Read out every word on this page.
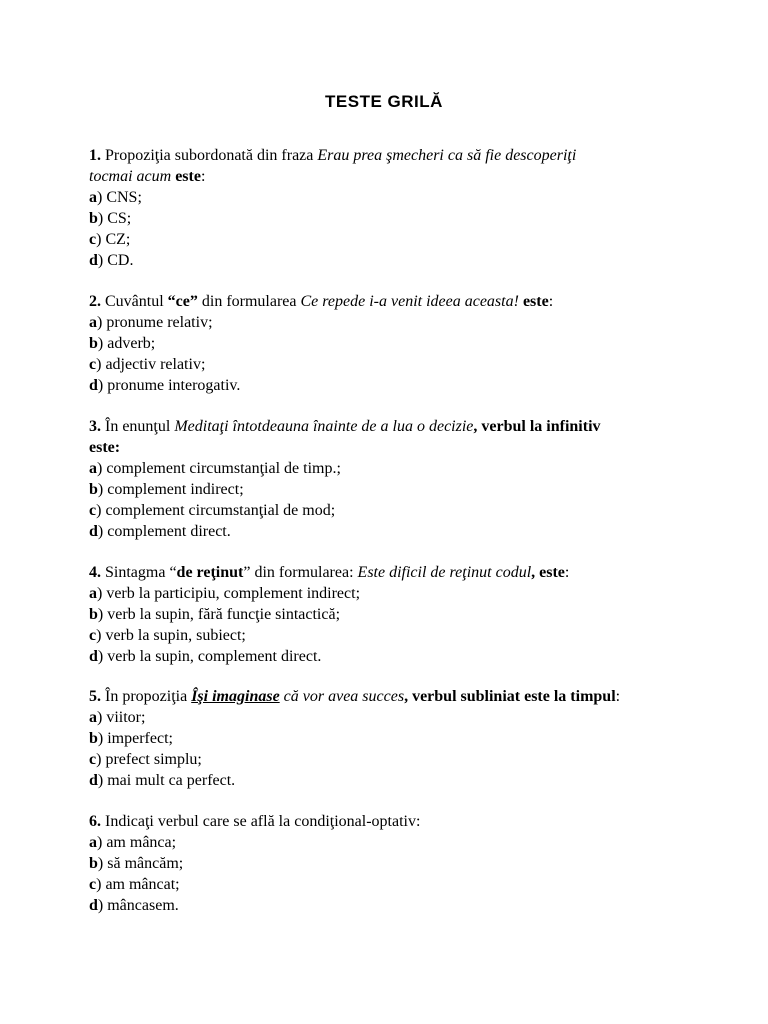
TESTE GRILĂ
1. Propoziţia subordonată din fraza Erau prea şmecheri ca să fie descoperiţi
tocmai acum este:
a) CNS;
b) CS;
c) CZ;
d) CD.
2. Cuvântul “ce” din formularea Ce repede i-a venit ideea aceasta! este:
a) pronume relativ;
b) adverb;
c) adjectiv relativ;
d) pronume interogativ.
3. În enunţul Meditaţi întotdeauna înainte de a lua o decizie, verbul la infinitiv
este:
a) complement circumstanţial de timp.;
b) complement indirect;
c) complement circumstanţial de mod;
d) complement direct.
4. Sintagma “de reţinut” din formularea: Este dificil de reţinut codul, este:
a) verb la participiu, complement indirect;
b) verb la supin, fără funcţie sintactică;
c) verb la supin, subiect;
d) verb la supin, complement direct.
5. În propoziţia Îşi imaginase că vor avea succes, verbul subliniat este la timpul:
a) viitor;
b) imperfect;
c) prefect simplu;
d) mai mult ca perfect.
6. Indicaţi verbul care se află la condiţional-optativ:
a) am mânca;
b) să mâncăm;
c) am mâncat;
d) mâncasem.
